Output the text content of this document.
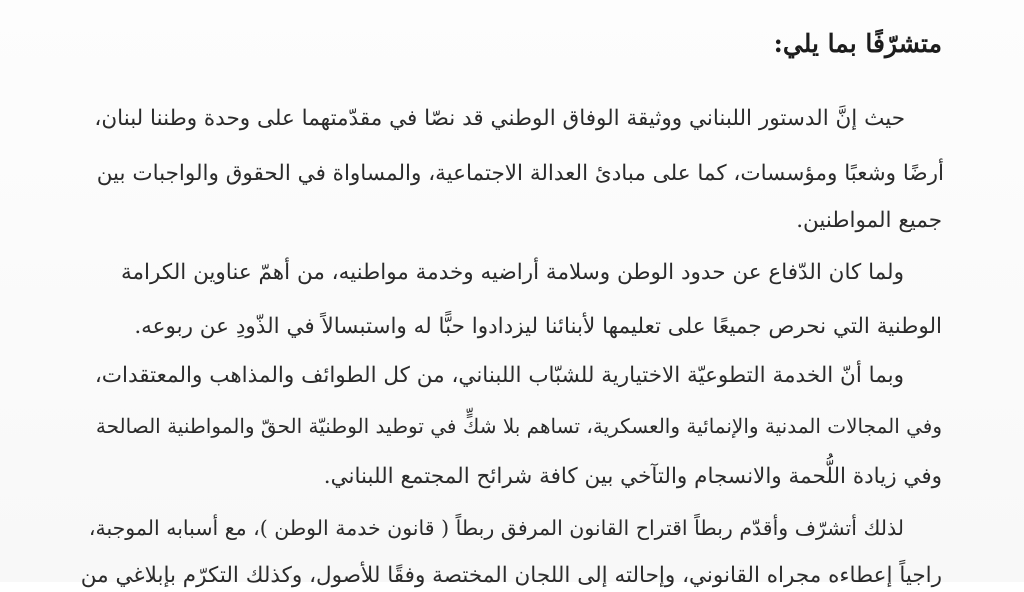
متشرّفًا بما يلي:
حيث إنَّ الدستور اللبناني ووثيقة الوفاق الوطني قد نصّا في مقدّمتهما على وحدة وطننا لبنان،
أرضًا وشعبًا ومؤسسات، كما على مبادئ العدالة الاجتماعية، والمساواة في الحقوق والواجبات بين
جميع المواطنين.
ولما كان الدّفاع عن حدود الوطن وسلامة أراضيه وخدمة مواطنيه، من أهمّ عناوين الكرامة
الوطنية التي نحرص جميعًا على تعليمها لأبنائنا ليزدادوا حبًّا له واستبسالاً في الذّودِ عن ربوعه.
وبما أنّ الخدمة التطوعيّة الاختيارية للشبّاب اللبناني، من كل الطوائف والمذاهب والمعتقدات،
وفي المجالات المدنية والإنمائية والعسكرية، تساهم بلا شكٍّ في توطيد الوطنيّة الحقّ والمواطنية الصالحة
وفي زيادة اللُّحمة والانسجام والتآخي بين كافة شرائح المجتمع اللبناني.
لذلك أتشرّف وأقدّم ربطاً اقتراح القانون المرفق ربطاً ( قانون خدمة الوطن )، مع أسبابه الموجبة،
راجياً إعطاءه مجراه القانوني، وإحالته إلى اللجان المختصة وفقًا للأصول، وكذلك التكرّم بإبلاغي من
